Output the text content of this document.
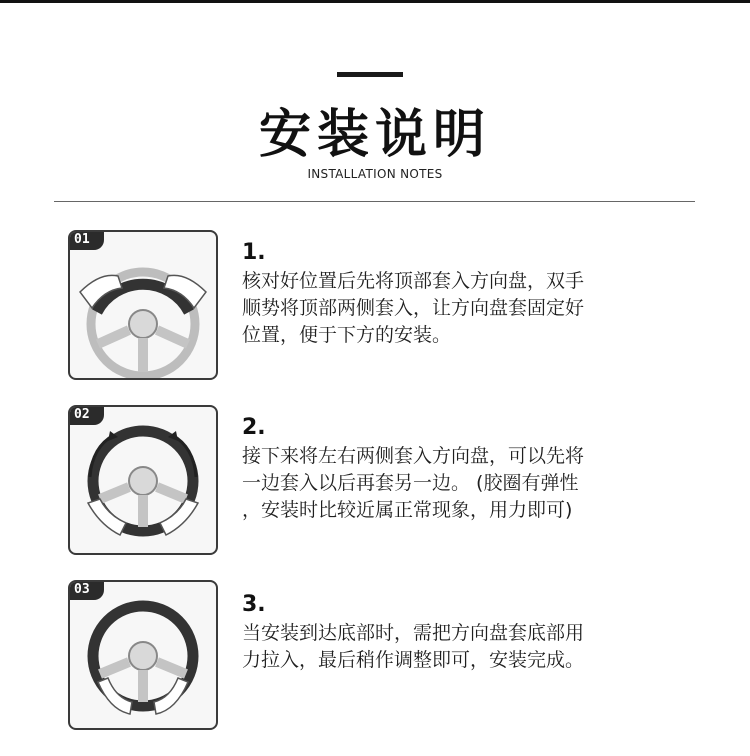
安装说明
INSTALLATION NOTES
01
1.
核对好位置后先将顶部套入方向盘，双手
顺势将顶部两侧套入，让方向盘套固定好
位置，便于下方的安装。
02
2.
接下来将左右两侧套入方向盘，可以先将
一边套入以后再套另一边。 (胶圈有弹性
，安装时比较近属正常现象，用力即可)
03
3.
当安装到达底部时，需把方向盘套底部用
力拉入，最后稍作调整即可，安装完成。
